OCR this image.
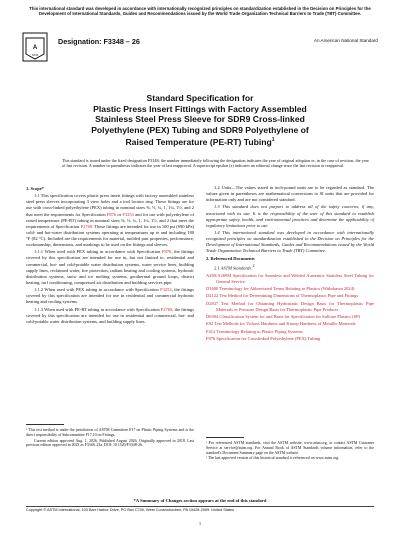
This international standard was developed in accordance with internationally recognized principles on standardization established in the Decision on Principles for the Development of International Standards, Guides and Recommendations issued by the World Trade Organization Technical Barriers to Trade (TBT) Committee.
A
STM
Designation: F3348 – 26	An American National Standard
Standard Specification for
Plastic Press Insert Fittings with Factory Assembled
Stainless Steel Press Sleeve for SDR9 Cross-linked
Polyethylene (PEX) Tubing and SDR9 Polyethylene of
Raised Temperature (PE-RT) Tubing$^1$
This standard is issued under the fixed designation F3348; the number immediately following the designation indicates the year of original adoption or, in the case of revision, the year of last revision. A number in parentheses indicates the year of last reapproval. A superscript epsilon (ε) indicates an editorial change since the last revision or reapproval.

1. Scope*

1.1 This specification covers plastic press insert fittings with factory assembled stainless steel press sleeves incorporating 3 view holes and a tool locator ring. These fittings are for use with cross-linked polyethylene (PEX) tubing in nominal sizes ⅜, ½, ¾, 1, 1¼, 1½, and 2 that meet the requirements for Specification F876 or F3253 and for use with polyethylene of raised temperature (PE-RT) tubing in nominal sizes ⅜, ½, ¾, 1, 1¼, 1½, and 2 that meet the requirements of Specification F2769. These fittings are intended for use in 100 psi (690 kPa) cold- and hot-water distribution systems operating at temperatures up to and including 180 °F (82 °C). Included are the requirements for material, molded part properties, performance, workmanship, dimensions, and markings to be used on the fittings and sleeves.

1.1.1 When used with PEX tubing in accordance with Specification F876, the fittings covered by this specification are intended for use in, but not limited to, residential and commercial, hot- and cold-potable water distribution systems, water service lines, building supply lines, reclaimed water, fire protection, radiant heating and cooling systems, hydronic distribution systems, snow and ice melting systems, geothermal ground loops, district heating, turf conditioning, compressed air distribution and building services pipe.

1.1.2 When used with PEX tubing in accordance with Specification F3253, the fittings covered by this specification are intended for use in residential and commercial hydronic heating and cooling systems.

1.1.3 When used with PE-RT tubing in accordance with Specification F2769, the fittings covered by this specification are intended for use in residential and commercial, hot- and cold-potable water distribution systems, and building supply lines.

1.2 Units—The values stated in inch-pound units are to be regarded as standard. The values given in parentheses are mathematical conversions to SI units that are provided for information only and are not considered standard.

1.3 This standard does not purport to address all of the safety concerns, if any, associated with its use. It is the responsibility of the user of this standard to establish appropriate safety, health, and environmental practices and determine the applicability of regulatory limitations prior to use.

1.4 This international standard was developed in accordance with internationally recognized principles on standardization established in the Decision on Principles for the Development of International Standards, Guides and Recommendations issued by the World Trade Organization Technical Barriers to Trade (TBT) Committee.

2. Referenced Documents

2.1 ASTM Standards:$^2$

A269/A269M Specification for Seamless and Welded Austenitic Stainless Steel Tubing for General Service

D1600 Terminology for Abbreviated Terms Relating to Plastics (Withdrawn 2024)

D2122 Test Method for Determining Dimensions of Thermoplastic Pipe and Fittings

D2837 Test Method for Obtaining Hydrostatic Design Basis for Thermoplastic Pipe Materials or Pressure Design Basis for Thermoplastic Pipe Products

D6394 Classification System for and Basis for Specification for Sulfone Plastics (SP)

E92 Test Methods for Vickers Hardness and Knoop Hardness of Metallic Materials

F412 Terminology Relating to Plastic Piping Systems

F876 Specification for Crosslinked Polyethylene (PEX) Tubing

¹ This test method is under the jurisdiction of ASTM Committee F17 on Plastic Piping Systems and is the direct responsibility of Subcommittee F17.10 on Fittings.

Current edition approved Aug. 1, 2026. Published August 2026. Originally approved in 2018. Last previous edition approved in 2023 as F3348–23a. DOI: 10.1520/F3348-26.

² For referenced ASTM standards, visit the ASTM website, www.astm.org, or contact ASTM Customer Service at service@astm.org. For Annual Book of ASTM Standards volume information, refer to the standard's Document Summary page on the ASTM website.

³ The last approved version of this historical standard is referenced on www.astm.org.

*A Summary of Changes section appears at the end of this standard
Copyright © ASTM International, 100 Barr Harbor Drive, PO Box C700, West Conshohocken, PA 19428-2959. United States
1
